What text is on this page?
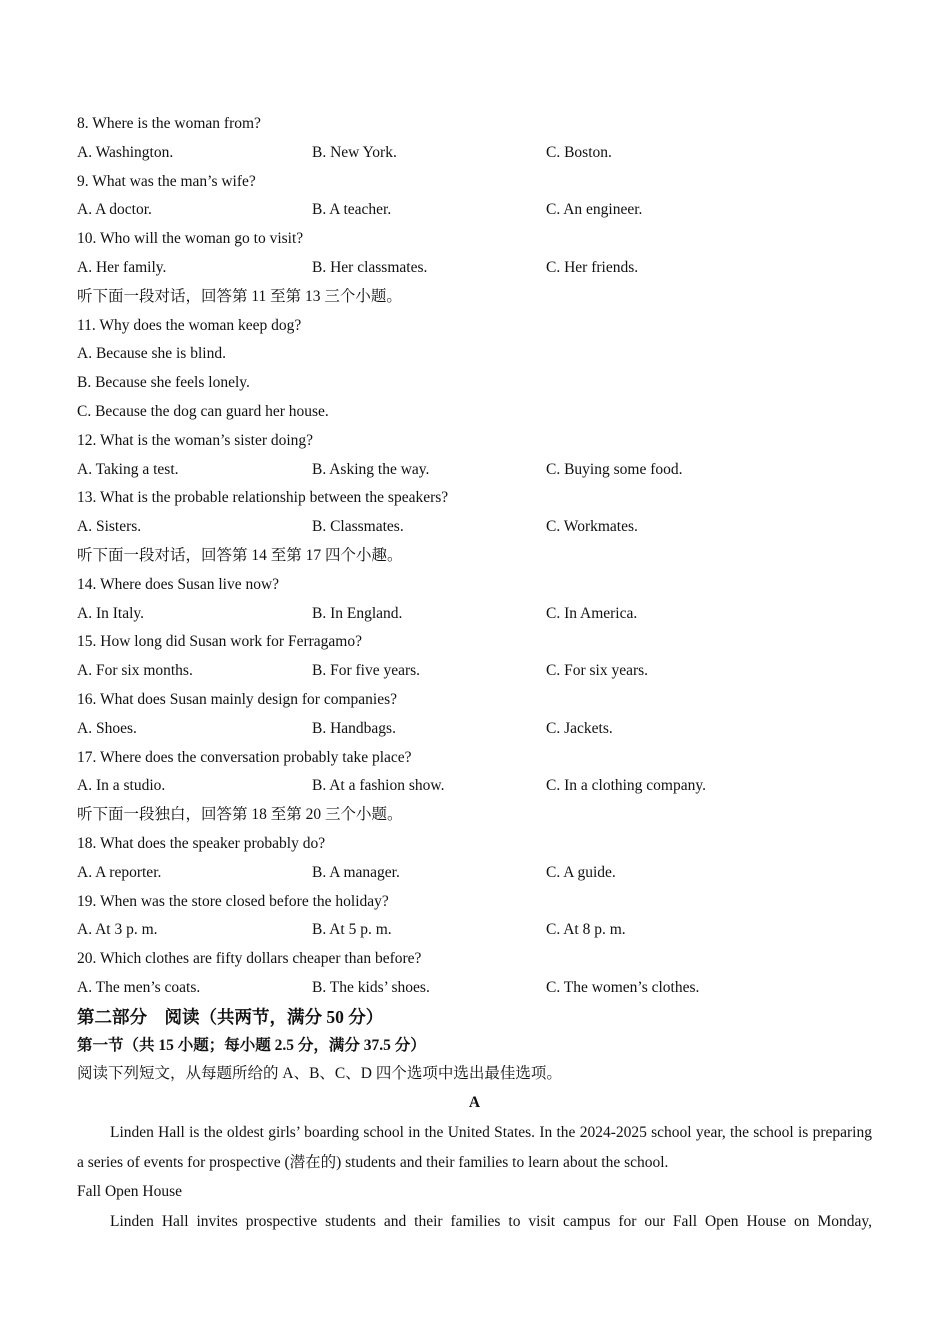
8. Where is the woman from?
A. Washington.	B. New York.	C. Boston.
9. What was the man’s wife?
A. A doctor.	B. A teacher.	C. An engineer.
10. Who will the woman go to visit?
A. Her family.	B. Her classmates.	C. Her friends.
听下面一段对话，回答第 11 至第 13 三个小题。
11. Why does the woman keep dog?
A. Because she is blind.
B. Because she feels lonely.
C. Because the dog can guard her house.
12. What is the woman’s sister doing?
A. Taking a test.	B. Asking the way.	C. Buying some food.
13. What is the probable relationship between the speakers?
A. Sisters.	B. Classmates.	C. Workmates.
听下面一段对话，回答第 14 至第 17 四个小趣。
14. Where does Susan live now?
A. In Italy.	B. In England.	C. In America.
15. How long did Susan work for Ferragamo?
A. For six months.	B. For five years.	C. For six years.
16. What does Susan mainly design for companies?
A. Shoes.	B. Handbags.	C. Jackets.
17. Where does the conversation probably take place?
A. In a studio.	B. At a fashion show.	C. In a clothing company.
听下面一段独白，回答第 18 至第 20 三个小题。
18. What does the speaker probably do?
A. A reporter.	B. A manager.	C. A guide.
19. When was the store closed before the holiday?
A. At 3 p. m.	B. At 5 p. m.	C. At 8 p. m.
20. Which clothes are fifty dollars cheaper than before?
A. The men’s coats.	B. The kids’ shoes.	C. The women’s clothes.
第二部分    阅读（共两节，满分 50 分）
第一节（共 15 小题；每小题 2.5 分，满分 37.5 分）
阅读下列短文，从每题所给的 A、B、C、D 四个选项中选出最佳选项。
A

Linden Hall is the oldest girls’ boarding school in the United States. In the 2024-2025 school year, the school is preparing a series of events for prospective (潜在的) students and their families to learn about the school.

Fall Open House

Linden Hall invites prospective students and their families to visit campus for our Fall Open House on Monday,
